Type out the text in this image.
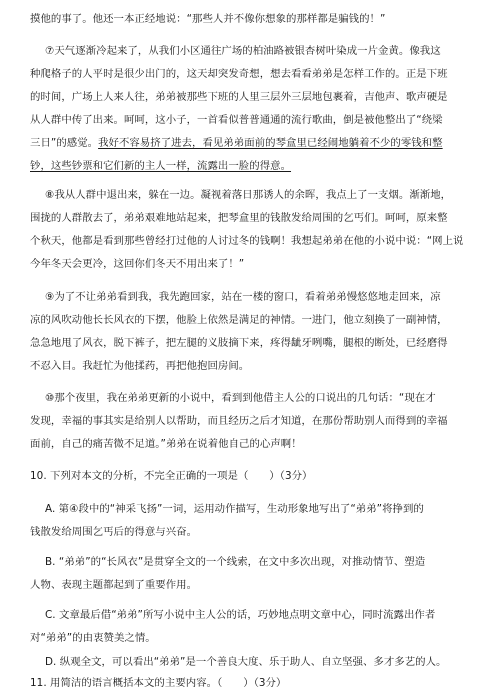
摸他的事了。他还一本正经地说：“那些人并不像你想象的那样都是骗钱的！”
⑦天气逐渐冷起来了，从我们小区通往广场的柏油路被银杏树叶染成一片金黄。像我这
种爬格子的人平时是很少出门的，这天却突发奇想，想去看看弟弟是怎样工作的。正是下班
的时间，广场上人来人往，弟弟被那些下班的人里三层外三层地包裹着，吉他声、歌声硬是
从人群中传了出来。呵呵，这小子，一首看似普普通通的流行歌曲，倒是被他整出了“绕梁
三日”的感觉。我好不容易挤了进去，看见弟弟面前的琴盒里已经闹地躺着不少的零钱和整
钞，这些钞票和它们新的主人一样，流露出一脸的得意。
⑧我从人群中退出来，躲在一边。凝视着落日那诱人的余晖，我点上了一支烟。渐渐地，
围拢的人群散去了，弟弟艰难地站起来，把琴盒里的钱散发给周围的乞丐们。呵呵，原来整
个秋天，他都是看到那些曾经打过他的人讨过冬的钱啊！我想起弟弟在他的小说中说：“网上说
今年冬天会更冷，这回你们冬天不用出来了！”
⑨为了不让弟弟看到我，我先跑回家，站在一楼的窗口，看着弟弟慢悠悠地走回来，凉
凉的风吹动他长长风衣的下摆，他脸上依然是满足的神情。一进门，他立刻换了一副神情，
急急地甩了风衣，脱下裤子，把左腿的义肢摘下来，疼得龇牙咧嘴，腿根的断处，已经磨得
不忍入目。我赶忙为他揉药，再把他抱回房间。
⑩那个夜里，我在弟弟更新的小说中，看到到他借主人公的口说出的几句话：“现在才
发现，幸福的事其实是给别人以帮助，而且经历之后才知道，在那份帮助别人而得到的幸福
面前，自己的痛苦微不足道。”弟弟在说着他自己的心声啊！
10. 下列对本文的分析，不完全正确的一项是（　　）（3分）
A. 第④段中的“神采飞扬”一词，运用动作描写，生动形象地写出了“弟弟”将挣到的
钱散发给周围乞丐后的得意与兴奋。
B. “弟弟”的“长风衣”是贯穿全文的一个线索，在文中多次出现，对推动情节、塑造
人物、表现主题都起到了重要作用。
C. 文章最后借“弟弟”所写小说中主人公的话，巧妙地点明文章中心，同时流露出作者
对“弟弟”的由衷赞美之情。
D. 纵观全文，可以看出“弟弟”是一个善良大度、乐于助人、自立坚强、多才多艺的人。
11. 用简洁的语言概括本文的主要内容。（　　）（3分）
